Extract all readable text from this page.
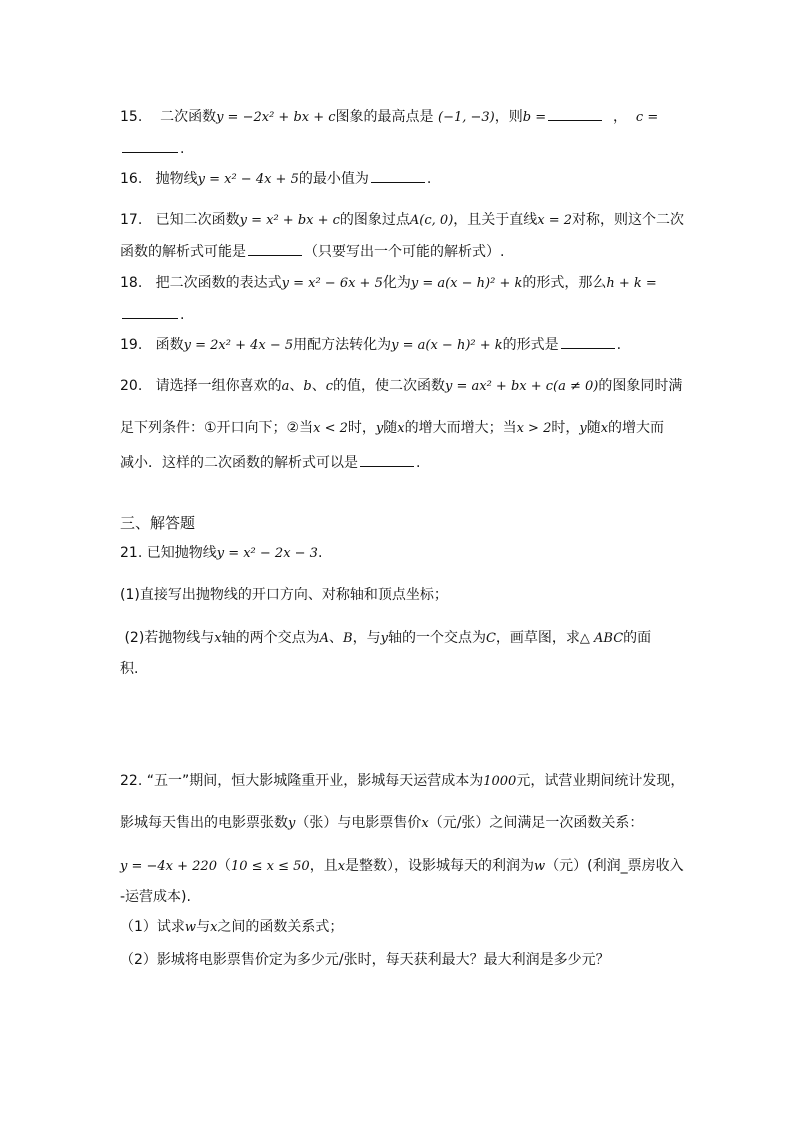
15. 二次函数y = −2x² + bx + c图象的最高点是 (−1, −3)，则b =	， c =
.
16. 抛物线y = x² − 4x + 5的最小值为	.
17. 已知二次函数y = x² + bx + c的图象过点A(c, 0)，且关于直线x = 2对称，则这个二次
函数的解析式可能是	（只要写出一个可能的解析式）.
18. 把二次函数的表达式y = x² − 6x + 5化为y = a(x − h)² + k的形式，那么h + k =
.
19. 函数y = 2x² + 4x − 5用配方法转化为y = a(x − h)² + k的形式是	.
20. 请选择一组你喜欢的a、b、c的值，使二次函数y = ax² + bx + c(a ≠ 0)的图象同时满
足下列条件：①开口向下；②当x < 2时，y随x的增大而增大；当x > 2时，y随x的增大而
减小．这样的二次函数的解析式可以是	.
三、解答题
21. 已知抛物线y = x² − 2x − 3.
(1)直接写出抛物线的开口方向、对称轴和顶点坐标；
(2)若抛物线与x轴的两个交点为A、B，与y轴的一个交点为C，画草图，求△ ABC的面
积.
22. “五一”期间，恒大影城隆重开业，影城每天运营成本为1000元，试营业期间统计发现，
影城每天售出的电影票张数y（张）与电影票售价x（元/张）之间满足一次函数关系：
y = −4x + 220（10 ≤ x ≤ 50，且x是整数），设影城每天的利润为w（元）(利润_票房收入
-运营成本).
（1）试求w与x之间的函数关系式；
（2）影城将电影票售价定为多少元/张时，每天获利最大？最大利润是多少元？
